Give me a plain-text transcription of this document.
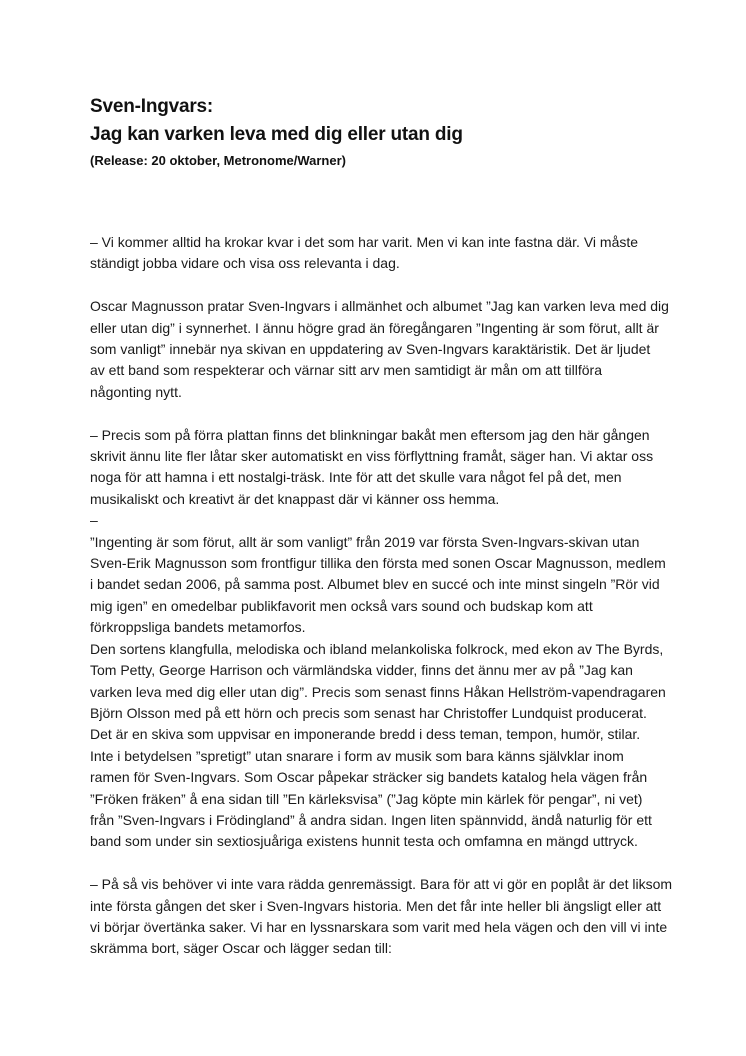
Sven-Ingvars:
Jag kan varken leva med dig eller utan dig
(Release: 20 oktober, Metronome/Warner)

– Vi kommer alltid ha krokar kvar i det som har varit. Men vi kan inte fastna där. Vi måste
ständigt jobba vidare och visa oss relevanta i dag.

Oscar Magnusson pratar Sven-Ingvars i allmänhet och albumet ”Jag kan varken leva med dig
eller utan dig” i synnerhet. I ännu högre grad än föregångaren ”Ingenting är som förut, allt är
som vanligt” innebär nya skivan en uppdatering av Sven-Ingvars karaktäristik. Det är ljudet
av ett band som respekterar och värnar sitt arv men samtidigt är mån om att tillföra
någonting nytt.

– Precis som på förra plattan finns det blinkningar bakåt men eftersom jag den här gången
skrivit ännu lite fler låtar sker automatiskt en viss förflyttning framåt, säger han. Vi aktar oss
noga för att hamna i ett nostalgi-träsk. Inte för att det skulle vara något fel på det, men
musikaliskt och kreativt är det knappast där vi känner oss hemma.
–
”Ingenting är som förut, allt är som vanligt” från 2019 var första Sven-Ingvars-skivan utan
Sven-Erik Magnusson som frontfigur tillika den första med sonen Oscar Magnusson, medlem
i bandet sedan 2006, på samma post. Albumet blev en succé och inte minst singeln ”Rör vid
mig igen” en omedelbar publikfavorit men också vars sound och budskap kom att
förkroppsliga bandets metamorfos.
Den sortens klangfulla, melodiska och ibland melankoliska folkrock, med ekon av The Byrds,
Tom Petty, George Harrison och värmländska vidder, finns det ännu mer av på ”Jag kan
varken leva med dig eller utan dig”. Precis som senast finns Håkan Hellström-vapendragaren
Björn Olsson med på ett hörn och precis som senast har Christoffer Lundquist producerat.
Det är en skiva som uppvisar en imponerande bredd i dess teman, tempon, humör, stilar.
Inte i betydelsen ”spretigt” utan snarare i form av musik som bara känns självklar inom
ramen för Sven-Ingvars. Som Oscar påpekar sträcker sig bandets katalog hela vägen från
”Fröken fräken” å ena sidan till ”En kärleksvisa” (”Jag köpte min kärlek för pengar”, ni vet)
från ”Sven-Ingvars i Frödingland” å andra sidan. Ingen liten spännvidd, ändå naturlig för ett
band som under sin sextiosjuåriga existens hunnit testa och omfamna en mängd uttryck.

– På så vis behöver vi inte vara rädda genremässigt. Bara för att vi gör en poplåt är det liksom
inte första gången det sker i Sven-Ingvars historia. Men det får inte heller bli ängsligt eller att
vi börjar övertänka saker. Vi har en lyssnarskara som varit med hela vägen och den vill vi inte
skrämma bort, säger Oscar och lägger sedan till:
